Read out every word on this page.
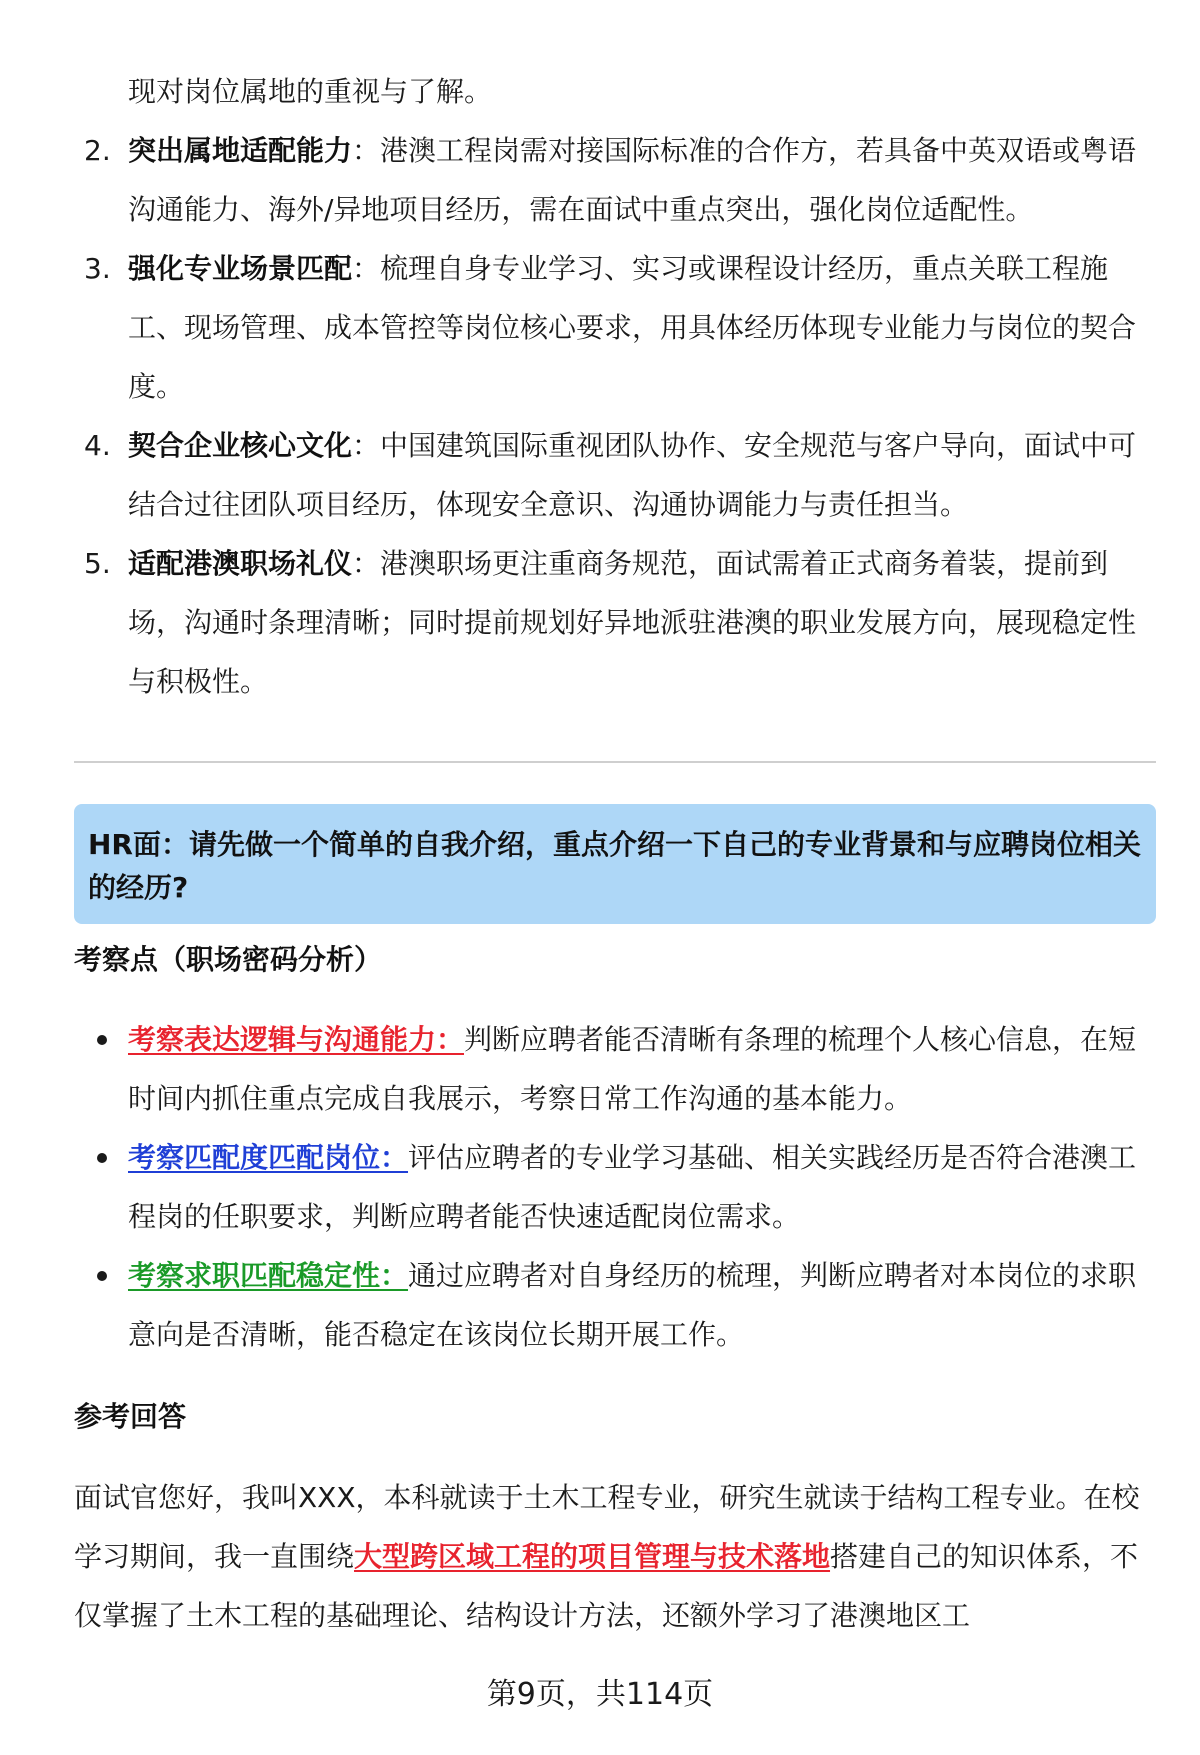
现对岗位属地的重视与了解。
2. 突出属地适配能力：港澳工程岗需对接国际标准的合作方，若具备中英双语或粤语沟通能力、海外/异地项目经历，需在面试中重点突出，强化岗位适配性。
3. 强化专业场景匹配：梳理自身专业学习、实习或课程设计经历，重点关联工程施工、现场管理、成本管控等岗位核心要求，用具体经历体现专业能力与岗位的契合度。
4. 契合企业核心文化：中国建筑国际重视团队协作、安全规范与客户导向，面试中可结合过往团队项目经历，体现安全意识、沟通协调能力与责任担当。
5. 适配港澳职场礼仪：港澳职场更注重商务规范，面试需着正式商务着装，提前到场，沟通时条理清晰；同时提前规划好异地派驻港澳的职业发展方向，展现稳定性与积极性。
HR面：请先做一个简单的自我介绍，重点介绍一下自己的专业背景和与应聘岗位相关的经历?
考察点（职场密码分析）
考察表达逻辑与沟通能力：判断应聘者能否清晰有条理的梳理个人核心信息，在短时间内抓住重点完成自我展示，考察日常工作沟通的基本能力。
考察匹配度匹配岗位：评估应聘者的专业学习基础、相关实践经历是否符合港澳工程岗的任职要求，判断应聘者能否快速适配岗位需求。
考察求职匹配稳定性：通过应聘者对自身经历的梳理，判断应聘者对本岗位的求职意向是否清晰，能否稳定在该岗位长期开展工作。
参考回答
面试官您好，我叫XXX，本科就读于土木工程专业，研究生就读于结构工程专业。在校学习期间，我一直围绕大型跨区域工程的项目管理与技术落地搭建自己的知识体系，不仅掌握了土木工程的基础理论、结构设计方法，还额外学习了港澳地区工
第9页，共114页
